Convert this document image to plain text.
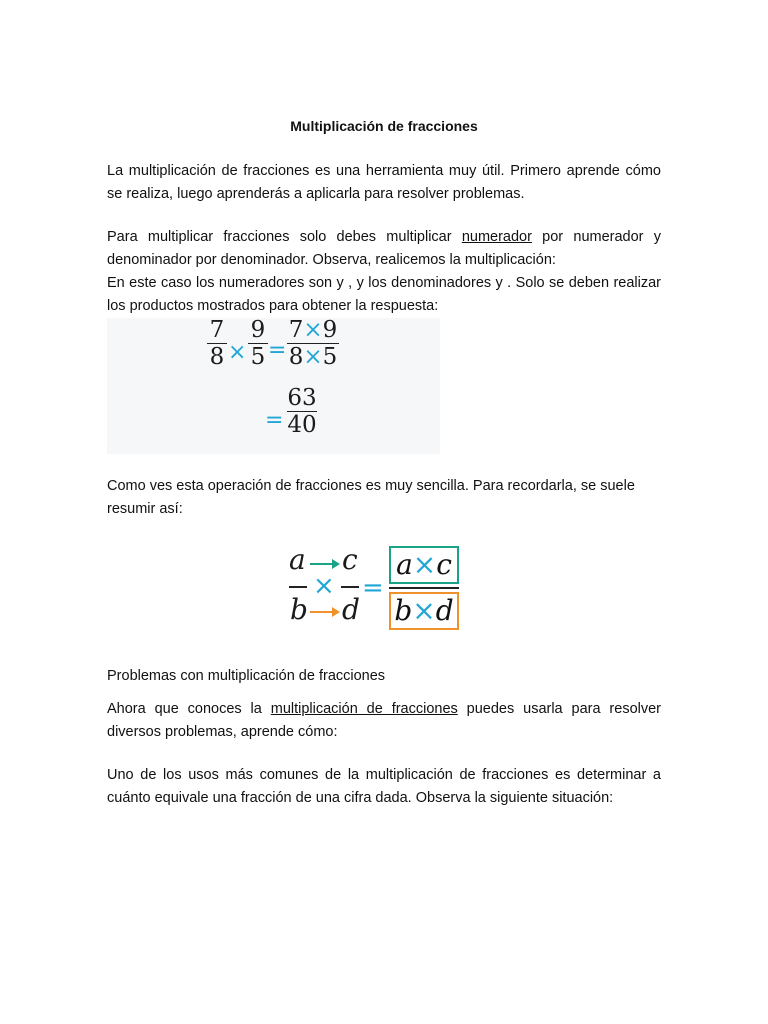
Multiplicación de fracciones
La multiplicación de fracciones es una herramienta muy útil. Primero aprende cómo se realiza, luego aprenderás a aplicarla para resolver problemas.
Para multiplicar fracciones solo debes multiplicar numerador por numerador y denominador por denominador. Observa, realicemos la multiplicación:
En este caso los numeradores son y , y los denominadores y . Solo se deben realizar los productos mostrados para obtener la respuesta:
7
8 ×
9
5 =
7×9
8×5
=
63
40
Como ves esta operación de fracciones es muy sencilla. Para recordarla, se suele resumir así:
a
b
×
c
d
=
a×c
b×d
Problemas con multiplicación de fracciones
Ahora que conoces la multiplicación de fracciones puedes usarla para resolver diversos problemas, aprende cómo:
Uno de los usos más comunes de la multiplicación de fracciones es determinar a cuánto equivale una fracción de una cifra dada. Observa la siguiente situación:
